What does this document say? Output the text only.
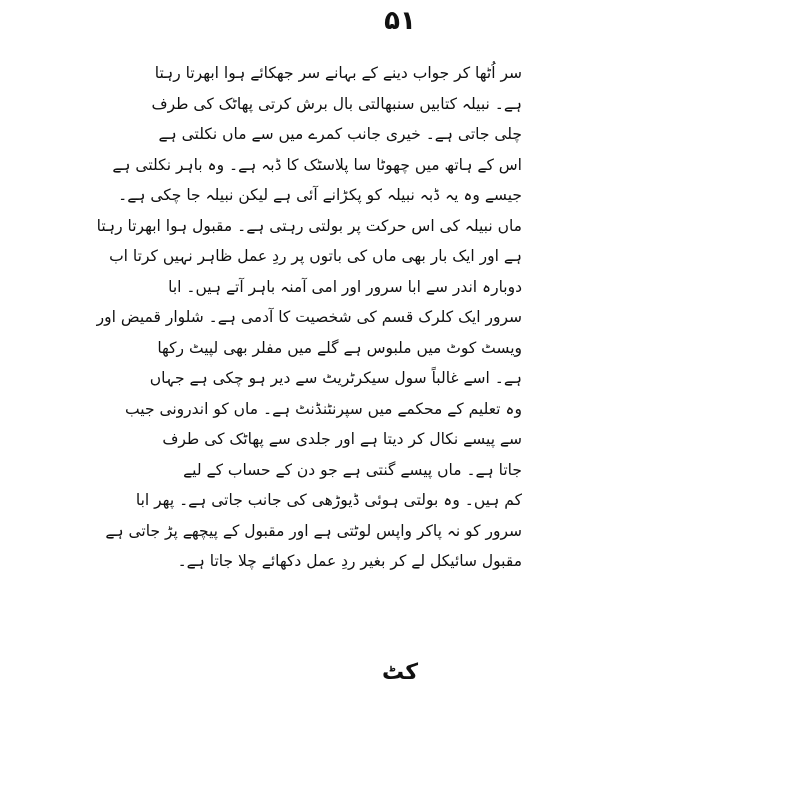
۵۱
سر اُٹھا کر جواب دینے کے بہانے سر جھکائے ہوا ابھرتا رہتا
ہے۔ نبیلہ کتابیں سنبھالتی بال برش کرتی پھاٹک کی طرف
چلی جاتی ہے۔ خیری جانب کمرے میں سے ماں نکلتی ہے
اس کے ہاتھ میں چھوٹا سا پلاسٹک کا ڈبہ ہے۔ وہ باہر نکلتی ہے
جیسے وہ یہ ڈبہ نبیلہ کو پکڑانے آئی ہے لیکن نبیلہ جا چکی ہے۔
ماں نبیلہ کی اس حرکت پر بولتی رہتی ہے۔ مقبول ہوا ابھرتا رہتا
ہے اور ایک بار بھی ماں کی باتوں پر ردِ عمل ظاہر نہیں کرتا اب
دوبارہ اندر سے ابا سرور اور امی آمنہ باہر آتے ہیں۔ ابا
سرور ایک کلرک قسم کی شخصیت کا آدمی ہے۔ شلوار قمیض اور
ویسٹ کوٹ میں ملبوس ہے گلے میں مفلر بھی لپیٹ رکھا
ہے۔ اسے غالباً سول سیکرٹریٹ سے دیر ہو چکی ہے جہاں
وہ تعلیم کے محکمے میں سپرنٹنڈنٹ ہے۔ ماں کو اندرونی جیب
سے پیسے نکال کر دیتا ہے اور جلدی سے پھاٹک کی طرف
جاتا ہے۔ ماں پیسے گنتی ہے جو دن کے حساب کے لیے
کم ہیں۔ وہ بولتی ہوئی ڈیوڑھی کی جانب جاتی ہے۔ پھر ابا
سرور کو نہ پاکر واپس لوٹتی ہے اور مقبول کے پیچھے پڑ جاتی ہے
مقبول سائیکل لے کر بغیر ردِ عمل دکھائے چلا جاتا ہے۔
کٹ
